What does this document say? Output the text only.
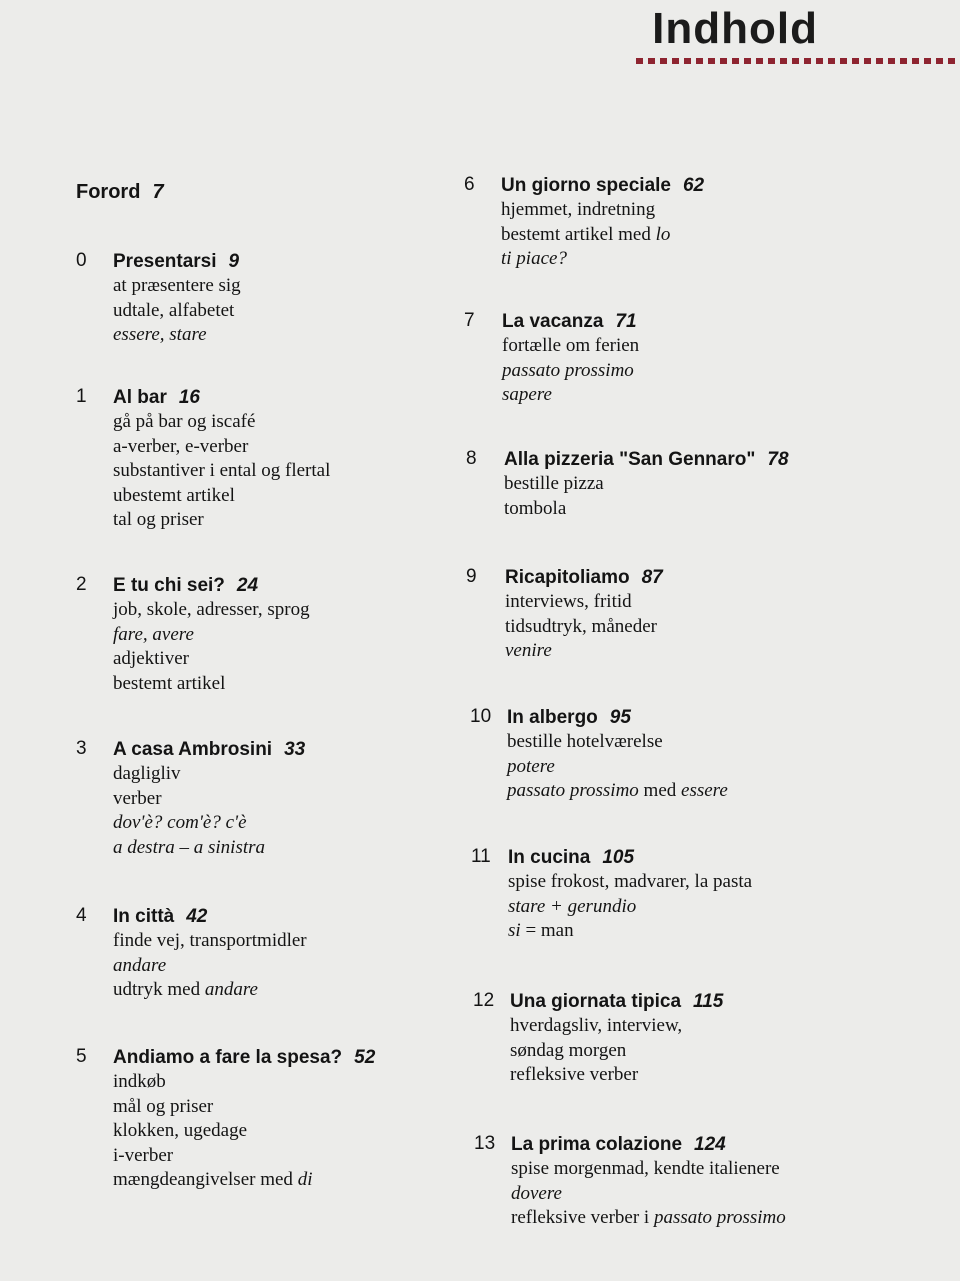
Indhold
Forord 7
0 Presentarsi 9
at præsentere sig
udtale, alfabetet
essere, stare
1 Al bar 16
gå på bar og iscafé
a-verber, e-verber
substantiver i ental og flertal
ubestemt artikel
tal og priser
2 E tu chi sei? 24
job, skole, adresser, sprog
fare, avere
adjektiver
bestemt artikel
3 A casa Ambrosini 33
dagligliv
verber
dov'è? com'è? c'è
a destra – a sinistra
4 In città 42
finde vej, transportmidler
andare
udtryk med andare
5 Andiamo a fare la spesa? 52
indkøb
mål og priser
klokken, ugedage
i-verber
mængdeangivelser med di
6 Un giorno speciale 62
hjemmet, indretning
bestemt artikel med lo
ti piace?
7 La vacanza 71
fortælle om ferien
passato prossimo
sapere
8 Alla pizzeria "San Gennaro" 78
bestille pizza
tombola
9 Ricapitoliamo 87
interviews, fritid
tidsudtryk, måneder
venire
10 In albergo 95
bestille hotelværelse
potere
passato prossimo med essere
11 In cucina 105
spise frokost, madvarer, la pasta
stare + gerundio
si = man
12 Una giornata tipica 115
hverdagsliv, interview,
søndag morgen
refleksive verber
13 La prima colazione 124
spise morgenmad, kendte italienere
dovere
refleksive verber i passato prossimo
